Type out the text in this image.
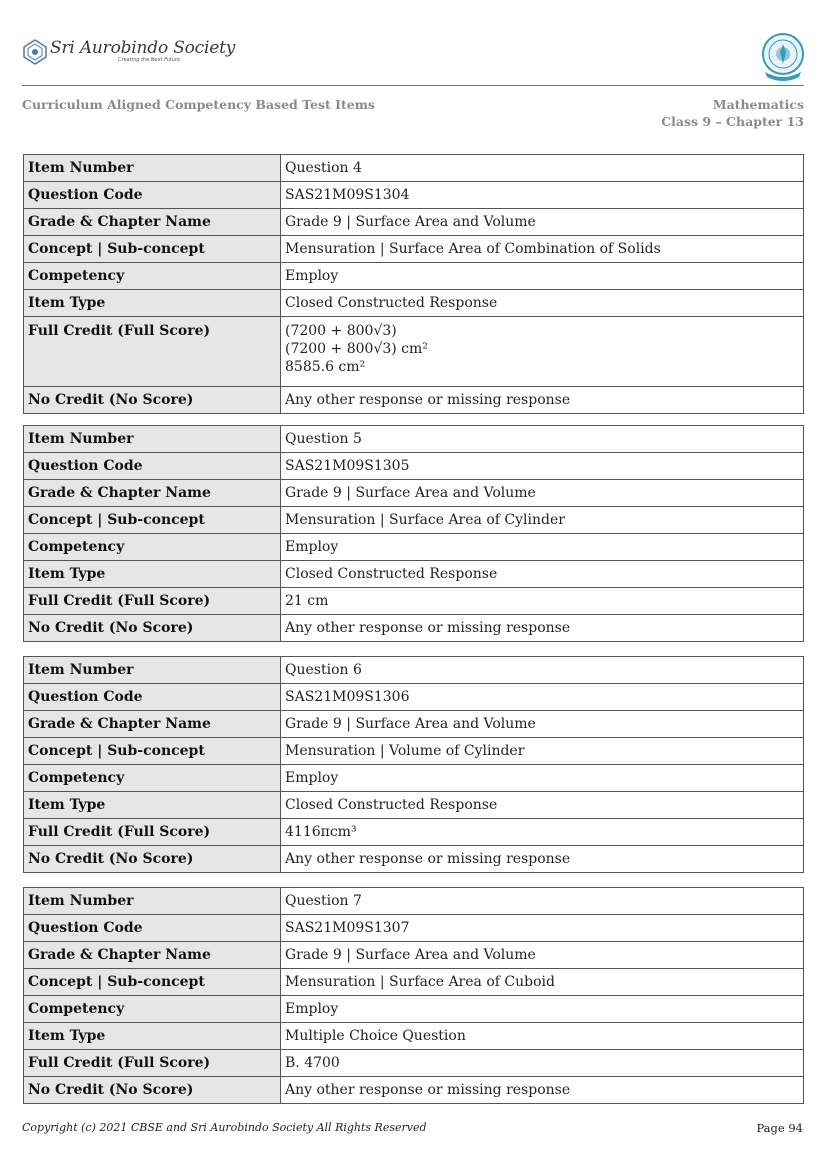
Sri Aurobindo Society
Creating the Next Future
Curriculum Aligned Competency Based Test Items	Mathematics
Class 9 – Chapter 13
Item Number	Question 4
Question Code	SAS21M09S1304
Grade & Chapter Name	Grade 9 | Surface Area and Volume
Concept | Sub-concept	Mensuration | Surface Area of Combination of Solids
Competency	Employ
Item Type	Closed Constructed Response
Full Credit (Full Score)	(7200 + 800√3)
(7200 + 800√3) cm²
8585.6 cm²

No Credit (No Score)	Any other response or missing response
Item Number	Question 5
Question Code	SAS21M09S1305
Grade & Chapter Name	Grade 9 | Surface Area and Volume
Concept | Sub-concept	Mensuration | Surface Area of Cylinder
Competency	Employ
Item Type	Closed Constructed Response
Full Credit (Full Score)	21 cm
No Credit (No Score)	Any other response or missing response
Item Number	Question 6
Question Code	SAS21M09S1306
Grade & Chapter Name	Grade 9 | Surface Area and Volume
Concept | Sub-concept	Mensuration | Volume of Cylinder
Competency	Employ
Item Type	Closed Constructed Response
Full Credit (Full Score)	4116πcm³
No Credit (No Score)	Any other response or missing response
Item Number	Question 7
Question Code	SAS21M09S1307
Grade & Chapter Name	Grade 9 | Surface Area and Volume
Concept | Sub-concept	Mensuration | Surface Area of Cuboid
Competency	Employ
Item Type	Multiple Choice Question
Full Credit (Full Score)	B. 4700
No Credit (No Score)	Any other response or missing response
Copyright (c) 2021 CBSE and Sri Aurobindo Society All Rights Reserved	Page 94
